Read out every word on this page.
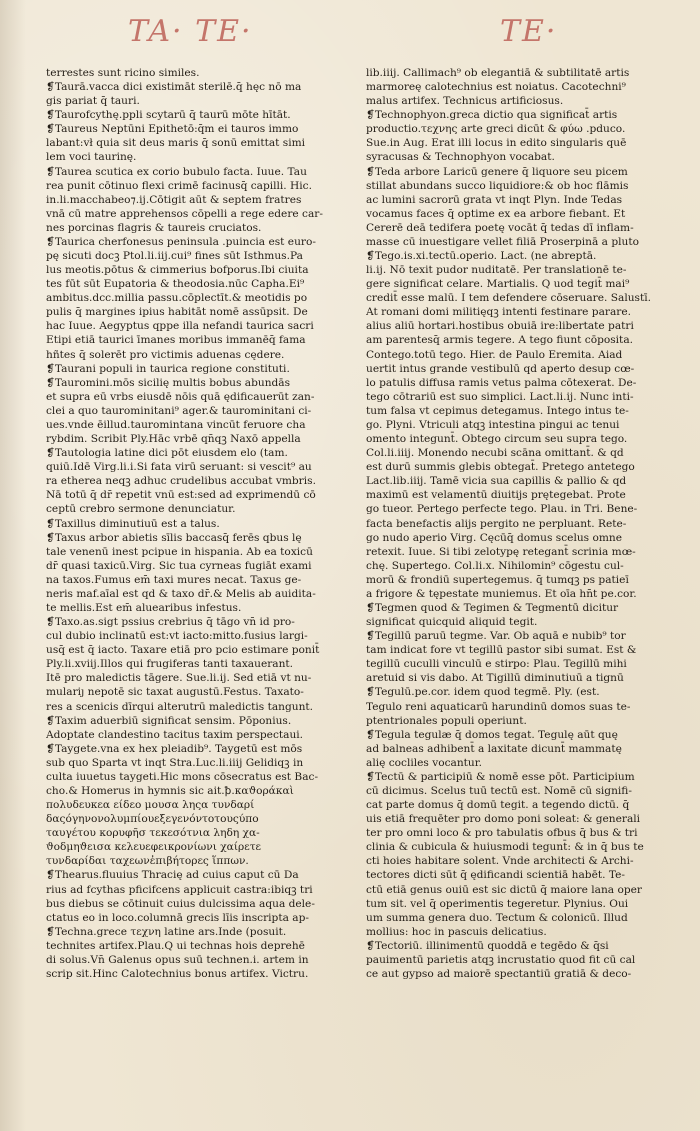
TA· TE·	TE·
terrestes sunt ricino similes.
❡Taurā.vacca dici existimāt sterilē.q̄ hęc nō ma
gis pariat q̄ tauri.
❡Taurofcythę.ppli scytarū q̄ taurū mōte hītāt.
❡Taureus Neptūni Epithetō:q̄m ei tauros immo
labant:vł quia sit deus maris q̄ sonū emittat simi
lem voci taurinę.
❡Taurea scutica ex corio bubulo facta. Iuue. Tau
rea punit cōtinuo flexi crimē facinusq̄ capilli. Hic.
in.li.macchabeo⁊.ij.Cōtigit aūt & septem fratres
vnā cū matre apprehensos cōpelli a rege edere car-
nes porcinas flagris & taureis cruciatos.
❡Taurica cherfonesus peninsula .puincia est euro-
pę sicuti docꝫ Ptol.li.iij.cui⁹ fines sūt Isthmus.Pa
lus meotis.pōtus & cimmerius bofporus.Ibi ciuita
tes fūt sūt Eupatoria & theodosia.nūc Capha.Ei⁹
ambitus.dcc.millia passu.cōplectīt.& meotidis po
pulis q̄ margines ipius habitāt nomē assūpsit. De
hac Iuue. Aegyptus qppe illa nefandi taurica sacri
Etipi etiā taurici īmanes moribus immanēq̄ fama
hñtes q̄ solerēt pro victimis aduenas cędere.
❡Taurani populi in taurica regione constituti.
❡Tauromini.mōs sicilię multis bobus abundās
et supra eū vrbs eiusdē nōis quā ędificauerūt zan-
clei a quo taurominitani⁹ ager.& taurominitani ci-
ues.vnde ēillud.tauromintana vincūt feruore cha
rybdim. Scribit Ply.Hāc vrbē qn̄qꝫ Naxō appella
❡Tautologia latine dici pōt eiusdem elo (tam.
quiū.Idē Virg.li.i.Si fata virū seruant: si vescit⁹ au
ra etherea neqꝫ adhuc crudelibus accubat vmbris.
Nā totū q̄ dr̄ repetit vnū est:sed ad exprimendū cō
ceptū crebro sermone denunciatur.
❡Taxillus diminutiuū est a talus.
❡Taxus arbor abietis sīlis baccasq̄ ferēs qbus lę
tale venenū inest pcipue in hispania. Ab ea toxicū
dr̄ quasi taxicū.Virg. Sic tua cyrneas fugiāt exami
na taxos.Fumus em̄ taxi mures necat. Taxus ge-
neris maf.aīal est qd & taxo dr̄.& Melis ab auidita-
te mellis.Est em̄ aluearibus infestus.
❡Taxo.as.sigt pssius crebrius q̄ tāgo vn̄ id pro-
cul dubio inclinatū est:vt iacto:mitto.fusius largi-
usq̄ est q̄ iacto. Taxare etiā pro pcio estimare ponit̄
Ply.li.xviij.Illos qui frugiferas tanti taxauerant.
Itē pro maledictis tāgere. Sue.li.ij. Sed etiā vt nu-
mulariȷ nepotē sic taxat augustū.Festus. Taxato-
res a scenicis dīrqui alterutrū maledictis tangunt.
❡Taxim aduerbiū significat sensim. Pōponius.
Adoptate clandestino tacitus taxim perspectaui.
❡Taygete.vna ex hex pleiadib⁹. Taygetū est mōs
sub quo Sparta vt inqt Stra.Luc.li.iiij Gelidiqꝫ in
culta iuuetus taygeti.Hic mons cōsecratus est Bac-
cho.& Homerus in hymnis sic ait.ꝥ.καϑοράκαὶ
πολυδευκεα είδεο μουσα ληςα τυνδαρί
δαςόγηνονολυμπίουεξεγενόντοτουςύπο
ταυγέτου κορυφῆσ τεκεσότνια ληδη χα-
ϑοδμηϑεισα κελευεφεικρονίωνι χαίρετε
τυνδαρίδαι ταχεωνἐπιβήτορες ἵππων.
❡Thearus.fluuius Thracię ad cuius caput cū Da
rius ad fcythas pficifcens applicuit castra:ibiqꝫ tri
bus diebus se cōtinuit cuius dulcissima aqua dele-
ctatus eo in loco.columnā grecis līis inscripta ap-
❡Techna.grece τεχνη latine ars.Inde (posuit.
technites artifex.Plau.Q ui technas hois deprehē
di solus.Vn̄ Galenus opus suū technen.i. artem in
scrip sit.Hinc Calotechnius bonus artifex. Victru.
lib.iiij. Callimach⁹ ob elegantiā & subtilitatē artis
marmoreę calotechnius est noiatus. Cacotechni⁹
malus artifex. Technicus artificiosus.
❡Technophyon.greca dictio qua significat̄ artis
productio.τεχνης arte greci dicūt & φύω .pduco.
Sue.in Aug. Erat illi locus in edito singularis quē
syracusas & Technophyon vocabat.
❡Teda arbore Laricū genere q̄ liquore seu picem
stillat abundans succo liquidiore:& ob hoc flāmis
ac lumini sacrorū grata vt inqt Plyn. Inde Tedas
vocamus faces q̄ optime ex ea arbore fiebant. Et
Cererē deā tedifera poetę vocāt q̄ tedas dī inflam-
masse cū inuestigare vellet filiā Proserpinā a pluto
❡Tego.is.xi.tectū.operio. Lact. (ne abreptā.
li.ij. Nō texit pudor nuditatē. Per translationē te-
gere significat celare. Martialis. Q uod tegit̄ mai⁹
credit̄ esse malū. I tem defendere cōseruare. Salustī.
At romani domi militięqꝫ intenti festinare parare.
alius aliū hortari.hostibus obuiā ire:libertate patri
am parentesq̄ armis tegere. A tego fiunt cōposita.
Contego.totū tego. Hier. de Paulo Eremita. Aiad
uertit intus grande vestibulū qd aperto desup cœ-
lo patulis diffusa ramis vetus palma cōtexerat. De-
tego cōtrariū est suo simplici. Lact.li.ij. Nunc inti-
tum falsa vt cepimus detegamus. Intego intus te-
go. Plyni. Vtriculi atqꝫ intestina pingui ac tenui
omento integunt̄. Obtego circum seu supra tego.
Col.li.iiij. Monendo necubi scāna omittant̄. & qd
est durū summis glebis obtegat̄. Pretego antetego
Lact.lib.iiij. Tamē vicia sua capillis & pallio & qd
maximū est velamentū diuitijs prętegebat. Prote
go tueor. Pertego perfecte tego. Plau. in Tri. Bene-
facta benefactis alijs pergito ne perpluant. Rete-
go nudo aperio Virg. Cęcūq̄ domus scelus omne
retexit. Iuue. Si tibi zelotypę retegant̄ scrinia mœ-
chę. Supertego. Col.li.x. Nihilomin⁹ cōgestu cul-
morū & frondiū supertegemus. q̄ tumqꝫ ps patieī
a frigore & tępestate muniemus. Et oīa hn̄t pe.cor.
❡Tegmen quod & Tegimen & Tegmentū dicitur
significat quicquid aliquid tegit.
❡Tegillū paruū tegme. Var. Ob aquā e nubib⁹ tor
tam indicat fore vt tegillū pastor sibi sumat. Est &
tegillū cuculli vinculū e stirpo: Plau. Tegillū mihi
aretuid si vis dabo. At Tigillū diminutiuū a tignū
❡Tegulū.pe.cor. idem quod tegmē. Ply. (est.
Tegulo reni aquaticarū harundinū domos suas te-
ptentrionales populi operiunt.
❡Tegula tegulæ q̄ domos tegat. Tegulę aūt quę
ad balneas adhibent̄ a laxitate dicunt̄ mammatę
alię cocliles vocantur.
❡Tectū & participiū & nomē esse pōt. Participium
cū dicimus. Scelus tuū tectū est. Nomē cū signifi-
cat parte domus q̄ domū tegit. a tegendo dictū. q̄
uis etiā frequēter pro domo poni soleat: & generali
ter pro omni loco & pro tabulatis ofbus q̄ bus & tri
clinia & cubicula & huiusmodi tegunt̄: & in q̄ bus te
cti hoies habitare solent. Vnde architecti & Archi-
tectores dicti sūt q̄ ędificandi scientiā habēt. Te-
ctū etiā genus ouiū est sic dictū q̄ maiore lana oper
tum sit. vel q̄ operimentis tegeretur. Plynius. Oui
um summa genera duo. Tectum & colonicū. Illud
mollius: hoc in pascuis delicatius.
❡Tectoriū. illinimentū quoddā e tegēdo & q̄si
pauimentū parietis atqꝫ incrustatio quod fit cū cal
ce aut gypso ad maiorē spectantiū gratiā & deco-
